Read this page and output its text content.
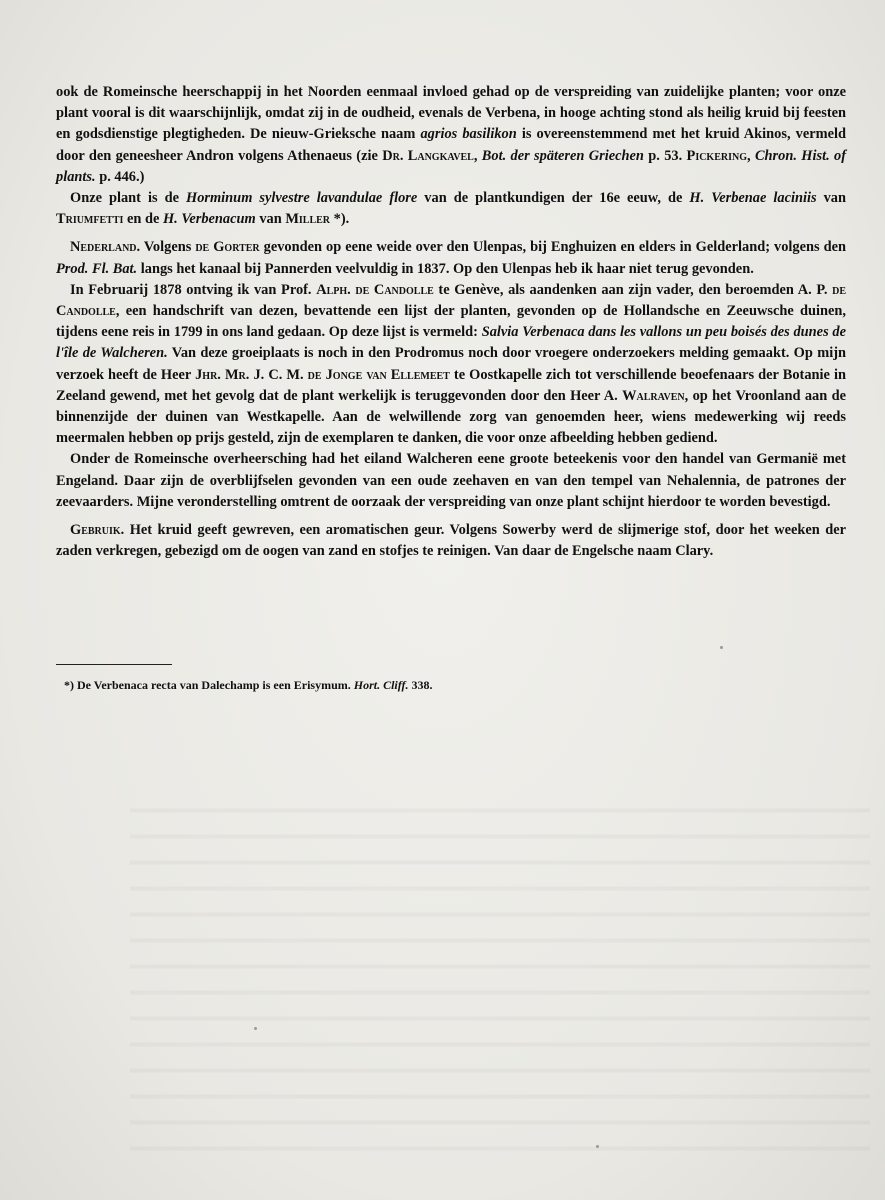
ook de Romeinsche heerschappij in het Noorden eenmaal invloed gehad op de verspreiding van zuidelijke planten; voor onze plant vooral is dit waarschijnlijk, omdat zij in de oudheid, evenals de Verbena, in hooge achting stond als heilig kruid bij feesten en godsdienstige plegtigheden. De nieuw-Grieksche naam agrios basilikon is overeenstemmend met het kruid Akinos, vermeld door den geneesheer Andron volgens Athenaeus (zie Dr. Langkavel, Bot. der späteren Griechen p. 53. Pickering, Chron. Hist. of plants. p. 446.)

Onze plant is de Horminum sylvestre lavandulae flore van de plantkundigen der 16e eeuw, de H. Verbenae laciniis van Triumfetti en de H. Verbenacum van Miller *).

Nederland. Volgens de Gorter gevonden op eene weide over den Ulenpas, bij Enghuizen en elders in Gelderland; volgens den Prod. Fl. Bat. langs het kanaal bij Pannerden veelvuldig in 1837. Op den Ulenpas heb ik haar niet terug gevonden.

In Februarij 1878 ontving ik van Prof. Alph. de Candolle te Genève, als aandenken aan zijn vader, den beroemden A. P. de Candolle, een handschrift van dezen, bevattende een lijst der planten, gevonden op de Hollandsche en Zeeuwsche duinen, tijdens eene reis in 1799 in ons land gedaan. Op deze lijst is vermeld: Salvia Verbenaca dans les vallons un peu boisés des dunes de l'île de Walcheren. Van deze groeiplaats is noch in den Prodromus noch door vroegere onderzoekers melding gemaakt. Op mijn verzoek heeft de Heer Jhr. Mr. J. C. M. de Jonge van Ellemeet te Oostkapelle zich tot verschillende beoefenaars der Botanie in Zeeland gewend, met het gevolg dat de plant werkelijk is teruggevonden door den Heer A. Walraven, op het Vroonland aan de binnenzijde der duinen van Westkapelle. Aan de welwillende zorg van genoemden heer, wiens medewerking wij reeds meermalen hebben op prijs gesteld, zijn de exemplaren te danken, die voor onze afbeelding hebben gediend.

Onder de Romeinsche overheersching had het eiland Walcheren eene groote beteekenis voor den handel van Germanië met Engeland. Daar zijn de overblijfselen gevonden van een oude zeehaven en van den tempel van Nehalennia, de patrones der zeevaarders. Mijne veronderstelling omtrent de oorzaak der verspreiding van onze plant schijnt hierdoor te worden bevestigd.

Gebruik. Het kruid geeft gewreven, een aromatischen geur. Volgens Sowerby werd de slijmerige stof, door het weeken der zaden verkregen, gebezigd om de oogen van zand en stofjes te reinigen. Van daar de Engelsche naam Clary.

*) De Verbenaca recta van Dalechamp is een Erisymum. Hort. Cliff. 338.
